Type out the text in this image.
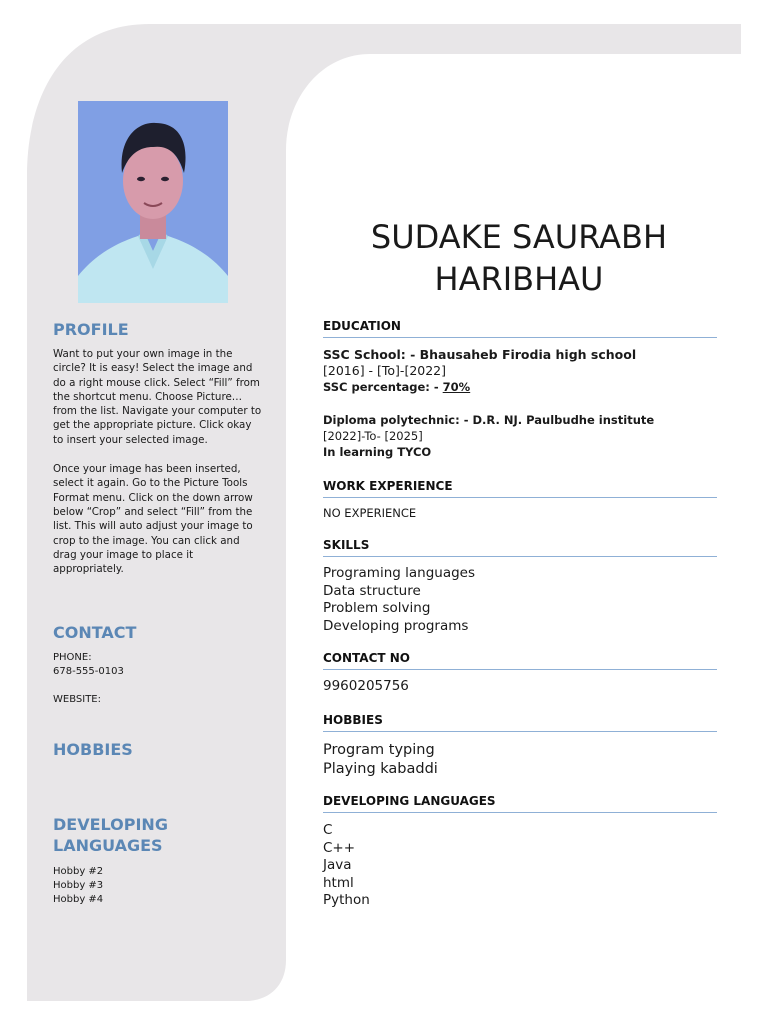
PROFILE

Want to put your own image in the circle? It is easy! Select the image and do a right mouse click. Select “Fill” from the shortcut menu. Choose Picture… from the list. Navigate your computer to get the appropriate picture. Click okay to insert your selected image.

Once your image has been inserted, select it again. Go to the Picture Tools Format menu. Click on the down arrow below “Crop” and select “Fill” from the list. This will auto adjust your image to crop to the image. You can click and drag your image to place it appropriately.

CONTACT

PHONE:

678-555-0103

WEBSITE:

HOBBIES
DEVELOPING
LANGUAGES

Hobby #2

Hobby #3

Hobby #4

SUDAKE SAURABH
HARIBHAU
EDUCATION
SSC School: - Bhausaheb Firodia high school
[2016] - [To]-[2022]
SSC percentage: - 70%
Diploma polytechnic: - D.R. NJ. Paulbudhe institute
[2022]-To- [2025]
In learning TYCO
WORK EXPERIENCE

NO EXPERIENCE

SKILLS
Programing languages
Data structure
Problem solving
Developing programs
CONTACT NO

9960205756

HOBBIES
Program typing
Playing kabaddi
DEVELOPING LANGUAGES
C
C++
Java
html
Python
